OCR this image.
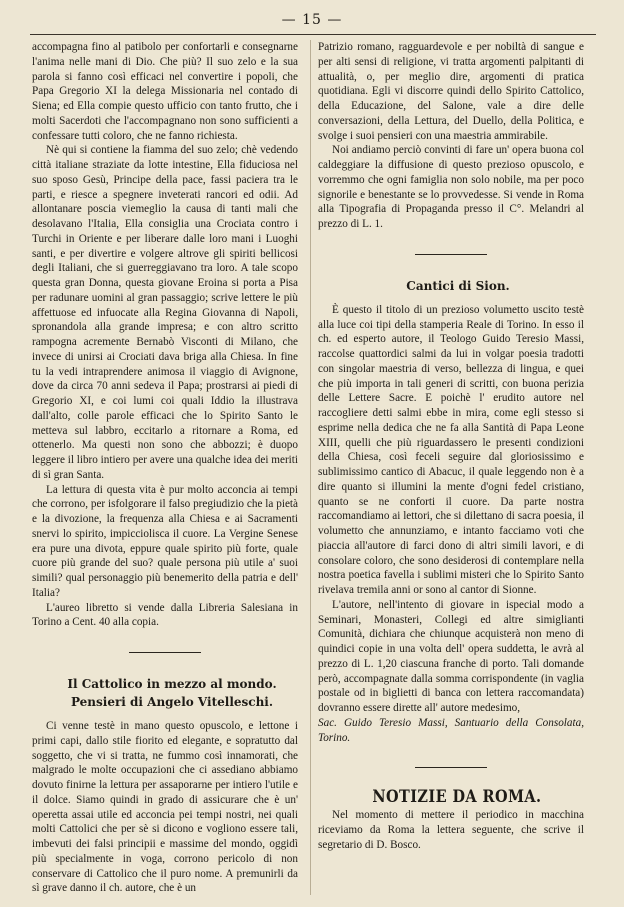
— 15 —

accompagna fino al patibolo per confortarli e consegnarne l'anima nelle mani di Dio. Che più? Il suo zelo e la sua parola si fanno così efficaci nel convertire i popoli, che Papa Gregorio XI la delega Missionaria nel contado di Siena; ed Ella compie questo ufficio con tanto frutto, che i molti Sacerdoti che l'accompagnano non sono sufficienti a confessare tutti coloro, che ne fanno richiesta.

Nè qui si contiene la fiamma del suo zelo; chè vedendo città italiane straziate da lotte intestine, Ella fiduciosa nel suo sposo Gesù, Principe della pace, fassi paciera tra le parti, e riesce a spegnere inveterati rancori ed odii. Ad allontanare poscia viemeglio la causa di tanti mali che desolavano l'Italia, Ella consiglia una Crociata contro i Turchi in Oriente e per liberare dalle loro mani i Luoghi santi, e per divertire e volgere altrove gli spiriti bellicosi degli Italiani, che si guerreggiavano tra loro. A tale scopo questa gran Donna, questa giovane Eroina si porta a Pisa per radunare uomini al gran passaggio; scrive lettere le più affettuose ed infuocate alla Regina Giovanna di Napoli, spronandola alla grande impresa; e con altro scritto rampogna acremente Bernabò Visconti di Milano, che invece di unirsi ai Crociati dava briga alla Chiesa. In fine tu la vedi intraprendere animosa il viaggio di Avignone, dove da circa 70 anni sedeva il Papa; prostrarsi ai piedi di Gregorio XI, e coi lumi coi quali Iddio la illustrava dall'alto, colle parole efficaci che lo Spirito Santo le metteva sul labbro, eccitarlo a ritornare a Roma, ed ottenerlo. Ma questi non sono che abbozzi; è duopo leggere il libro intiero per avere una qualche idea dei meriti di sì gran Santa.

La lettura di questa vita è pur molto acconcia ai tempi che corrono, per isfolgorare il falso pregiudizio che la pietà e la divozione, la frequenza alla Chiesa e ai Sacramenti snervi lo spirito, impicciolisca il cuore. La Vergine Senese era pure una divota, eppure quale spirito più forte, quale cuore più grande del suo? quale persona più utile a' suoi simili? qual personaggio più benemerito della patria e dell' Italia?

L'aureo libretto si vende dalla Libreria Salesiana in Torino a Cent. 40 alla copia.

Il Cattolico in mezzo al mondo.

Pensieri di Angelo Vitelleschi.

Ci venne testè in mano questo opuscolo, e lettone i primi capi, dallo stile fiorito ed elegante, e sopratutto dal soggetto, che vi si tratta, ne fummo così innamorati, che malgrado le molte occupazioni che ci assediano abbiamo dovuto finirne la lettura per assaporarne per intiero l'utile e il dolce. Siamo quindi in grado di assicurare che è un' operetta assai utile ed acconcia pei tempi nostri, nei quali molti Cattolici che per sè si dicono e vogliono essere tali, imbevuti dei falsi principii e massime del mondo, oggidì più specialmente in voga, corrono pericolo di non conservare di Cattolico che il puro nome. A premunirli da sì grave danno il ch. autore, che è un

Patrizio romano, ragguardevole e per nobiltà di sangue e per alti sensi di religione, vi tratta argomenti palpitanti di attualità, o, per meglio dire, argomenti di pratica quotidiana. Egli vi discorre quindi dello Spirito Cattolico, della Educazione, del Salone, vale a dire delle conversazioni, della Lettura, del Duello, della Politica, e svolge i suoi pensieri con una maestria ammirabile.

Noi andiamo perciò convinti di fare un' opera buona col caldeggiare la diffusione di questo prezioso opuscolo, e vorremmo che ogni famiglia non solo nobile, ma per poco signorile e benestante se lo provvedesse. Si vende in Roma alla Tipografia di Propaganda presso il C°. Melandri al prezzo di L. 1.

Cantici di Sion.

È questo il titolo di un prezioso volumetto uscito testè alla luce coi tipi della stamperia Reale di Torino. In esso il ch. ed esperto autore, il Teologo Guido Teresio Massi, raccolse quattordici salmi da lui in volgar poesia tradotti con singolar maestria di verso, bellezza di lingua, e quei che più importa in tali generi di scritti, con buona perizia delle Lettere Sacre. E poichè l' erudito autore nel raccogliere detti salmi ebbe in mira, come egli stesso si esprime nella dedica che ne fa alla Santità di Papa Leone XIII, quelli che più riguardassero le presenti condizioni della Chiesa, così feceli seguire dal gloriosissimo e sublimissimo cantico di Abacuc, il quale leggendo non è a dire quanto si illumini la mente d'ogni fedel cristiano, quanto se ne conforti il cuore. Da parte nostra raccomandiamo ai lettori, che si dilettano di sacra poesia, il volumetto che annunziamo, e intanto facciamo voti che piaccia all'autore di farci dono di altri simili lavori, e di consolare coloro, che sono desiderosi di contemplare nella nostra poetica favella i sublimi misteri che lo Spirito Santo rivelava tremila anni or sono al cantor di Sionne.

L'autore, nell'intento di giovare in ispecial modo a Seminari, Monasteri, Collegi ed altre simiglianti Comunità, dichiara che chiunque acquisterà non meno di quindici copie in una volta dell' opera suddetta, le avrà al prezzo di L. 1,20 ciascuna franche di porto. Tali domande però, accompagnate dalla somma corrispondente (in vaglia postale od in biglietti di banca con lettera raccomandata) dovranno essere dirette all' autore medesimo,

Sac. Guido Teresio Massi, Santuario della Consolata, Torino.

NOTIZIE DA ROMA.

Nel momento di mettere il periodico in macchina riceviamo da Roma la lettera seguente, che scrive il segretario di D. Bosco.
